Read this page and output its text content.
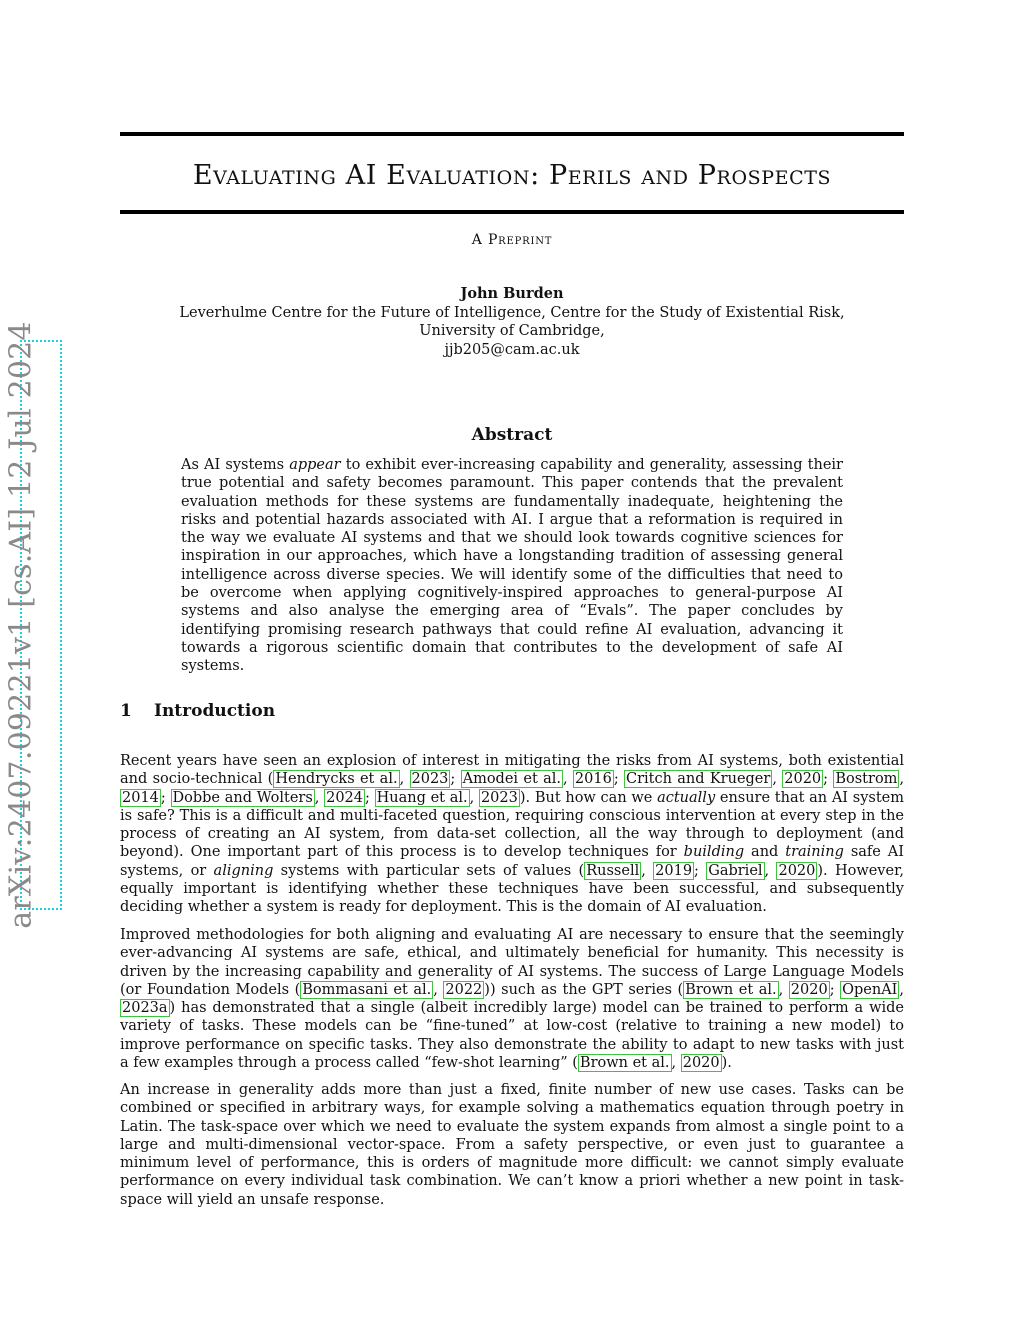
Evaluating AI Evaluation: Perils and Prospects
A Preprint
John Burden
Leverhulme Centre for the Future of Intelligence, Centre for the Study of Existential Risk,
University of Cambridge,
jjb205@cam.ac.uk
arXiv:2407.09221v1 [cs.AI] 12 Jul 2024	Abstract

As AI systems appear to exhibit ever-increasing capability and generality, assessing their true potential and safety becomes paramount. This paper contends that the prevalent evaluation methods for these systems are fundamentally inadequate, heightening the risks and potential hazards associated with AI. I argue that a reformation is required in the way we evaluate AI systems and that we should look towards cognitive sciences for inspiration in our approaches, which have a longstanding tradition of assessing general intelligence across diverse species. We will identify some of the difficulties that need to be overcome when applying cognitively-inspired approaches to general-purpose AI systems and also analyse the emerging area of “Evals”. The paper concludes by identifying promising research pathways that could refine AI evaluation, advancing it towards a rigorous scientific domain that contributes to the development of safe AI systems.

1 Introduction

Recent years have seen an explosion of interest in mitigating the risks from AI systems, both existential and socio-technical ( Hendrycks et al. , 2023 ; Amodei et al. , 2016 ; Critch and Krueger , 2020 ; Bostrom , 2014 ; Dobbe and Wolters , 2024 ; Huang et al. , 2023 ). But how can we actually ensure that an AI system is safe? This is a difficult and multi-faceted question, requiring conscious intervention at every step in the process of creating an AI system, from data-set collection, all the way through to deployment (and beyond). One important part of this process is to develop techniques for building and training safe AI systems, or aligning systems with particular sets of values ( Russell , 2019 ; Gabriel , 2020 ). However, equally important is identifying whether these techniques have been successful, and subsequently deciding whether a system is ready for deployment. This is the domain of AI evaluation.

Improved methodologies for both aligning and evaluating AI are necessary to ensure that the seemingly ever-advancing AI systems are safe, ethical, and ultimately beneficial for humanity. This necessity is driven by the increasing capability and generality of AI systems. The success of Large Language Models (or Foundation Models ( Bommasani et al. , 2022 )) such as the GPT series ( Brown et al. , 2020 ; OpenAI , 2023a ) has demonstrated that a single (albeit incredibly large) model can be trained to perform a wide variety of tasks. These models can be “fine-tuned” at low-cost (relative to training a new model) to improve performance on specific tasks. They also demonstrate the ability to adapt to new tasks with just a few examples through a process called “few-shot learning” ( Brown et al. , 2020 ).

An increase in generality adds more than just a fixed, finite number of new use cases. Tasks can be combined or specified in arbitrary ways, for example solving a mathematics equation through poetry in Latin. The task-space over which we need to evaluate the system expands from almost a single point to a large and multi-dimensional vector-space. From a safety perspective, or even just to guarantee a minimum level of performance, this is orders of magnitude more difficult: we cannot simply evaluate performance on every individual task combination. We can’t know a priori whether a new point in task-space will yield an unsafe response.
